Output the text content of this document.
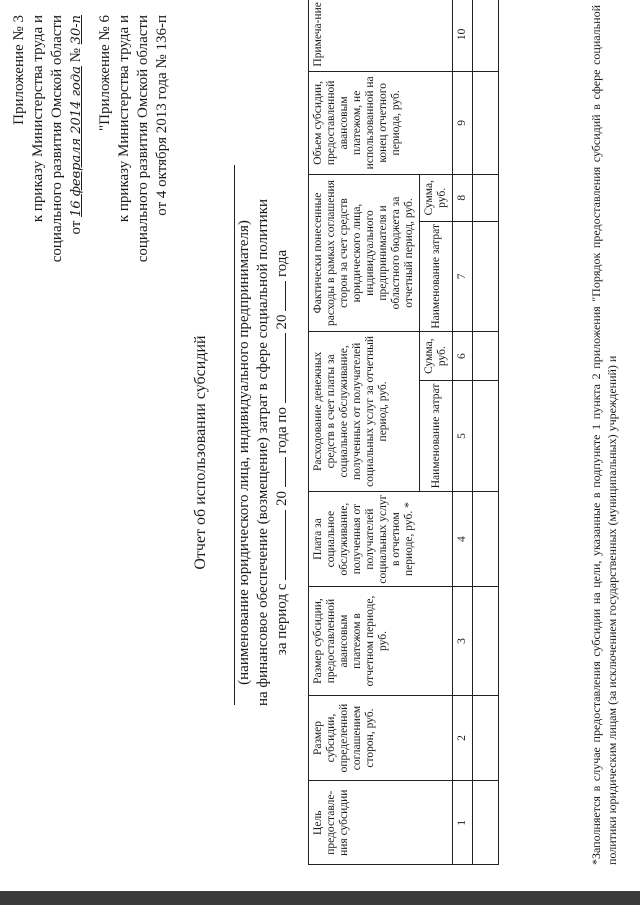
Приложение № 3 к приказу Министерства труда и социального развития Омской области от 16 февраля 2014 года № 30-п "Приложение № 6 к приказу Министерства труда и социального развития Омской области от 4 октября 2013 года № 136-п
Отчет об использовании субсидий (наименование юридического лица, индивидуального предпринимателя) на финансовое обеспечение (возмещение) затрат в сфере социальной политики за период с  20  года по  20  года
Цель предоставле-ния субсидии	Размер субсидии, определенной соглашением сторон, руб.	Размер субсидии, предоставленной авансовым платежом в отчетном периоде, руб.	Плата за социальное обслуживание, полученная от получателей социальных услуг в отчетном периоде, руб. *	Расходование денежных средств в счет платы за социальное обслуживание, полученных от получателей социальных услуг за отчетный период, руб.		Фактически понесенные расходы в рамках соглашения сторон за счет средств юридического лица, индивидуального предпринимателя и областного бюджета за отчетный период, руб.		Объем субсидии, предоставленной авансовым платежом, не использованной на конец отчетного периода, руб.	Примеча-ние
				Наименование затрат	Сумма, руб.	Наименование затрат	Сумма, руб.		
1	2	3	4	5	6	7	8	9	10
										*Заполняется в случае предоставления субсидии на цели, указанные в подпункте 1 пункта 2 приложения "Порядок предоставления субсидий в сфере социальной политики юридическим лицам (за исключением государственных (муниципальных) учреждений) и
